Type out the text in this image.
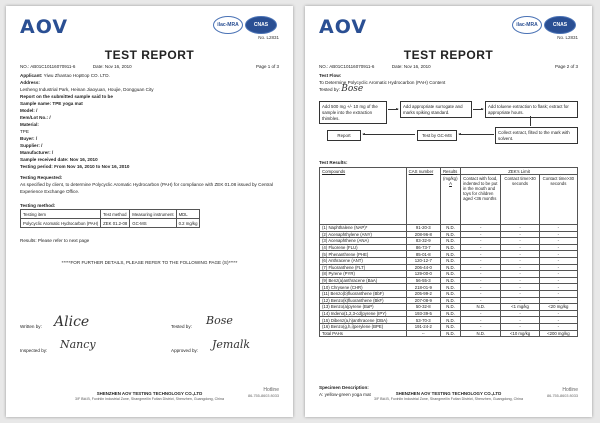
AOV	ilac-MRA	CNAS
No. L2831
TEST REPORT
NO.: AB01C10116070911-6	Date: Nov 16, 2010	Page 1 of 3
Applicant: Yiwu Zhantao HopEop CO. LTD.
Address:
Lesheng Industrial Park, Heinan Jiaoyuan, Houjie, Dongguan City
Report on the submitted sample said to be
Sample name: TPE yoga mat
Model: /
Item/Lot No.: /
Material:
TPE
Buyer: /
Supplier: /
Manufacturer: /
Sample received date: Nov 16, 2010
Testing period: From Nov 16, 2010 to Nov 16, 2010
Testing Requested:
As specified by client, to determine Polycyclic Aromatic Hydrocarbon (PAH) for compliance with ZEK 01.08 issued by Central Experience Exchange Office.
Testing method:
Testing item	Test method	Measuring instrument	MDL
Polycyclic Aromatic Hydrocarbon (PAH)	ZEK 01.2-08	GC-MS	0.2 mg/kg
Results: Please refer to next page
*****FOR FURTHER DETAILS, PLEASE REFER TO THE FOLLOWING PAGE (S)*****
Written by: Alice	Tested by: Bose
Inspected by: Nancy	Approved by: Jemalk
SHENZHEN AOV TESTING TECHNOLOGY CO.,LTD
3/F Bld.B, Fuxinlin Industrial Zone, Shangmeilin Futian District, Shenzhen, Guangdong, China
Hotline
86-755-8603 8033
AOV	ilac-MRA	CNAS
No. L2831
TEST REPORT
NO.: AB01C10116070911-6	Date: Nov 16, 2010	Page 2 of 3
Test Flow:
To Determine Polycyclic Aromatic Hydrocarbon (PAH) Content
Tested by: Bose
Add 500 mg +/- 10 mg of the sample into the extraction thimbles.
Add appropriate surrogate and marks spiking standard.
Add toluene extraction to flask; extract for appropriate hours.
Collect extract, filted to the mark with solvent.
Test by GC-MS
Report
Test Results:
Compounds	CAS number	Results	ZEK's Limit		

		(mg/kg)
A	Contact with food, indented to be put in the mouth and toys for children aged <36 months	Contact time>30 seconds	Contact time>30 seconds
(1) Naphthalene (NAP)*	91-20-3	N.D.	-	-	-
(2) Acenaphthylene (ANY)	208-96-8	N.D.	-	-	-
(3) Acenaphthene (ANA)	83-32-9	N.D.	-	-	-
(4) Fluorene (FLU)	86-73-7	N.D.	-	-	-
(5) Phenanthrene (PHE)	85-01-8	N.D.	-	-	-
(6) Anthracene (ANT)	120-12-7	N.D.	-	-	-
(7) Fluoranthene (FLT)	206-44-0	N.D.	-	-	-
(8) Pyrene (PYR)	129-00-0	N.D.	-	-	-
(9) Benz(a)anthracene (BaA)	56-55-3	N.D.	-	-	-
(10) Chrysene (CHR)	218-01-9	N.D.	-	-	-
(11) Benzo(b)fluoranthene (BbF)	205-99-2	N.D.	-	-	-
(12) Benzo(k)fluoranthene (BkF)	207-08-9	N.D.	-	-	-
(13) Benzo(a)pyrene (BaP)	50-32-8	N.D.	N.D.	<1 mg/kg	<20 mg/kg
(14) Indeno(1,2,3-cd)pyrene (IPY)	193-39-5	N.D.	-	-	-
(15) Dibenz(a,h)anthracene (DBA)	53-70-3	N.D.	-	-	-
(16) Benzo(g,h,i)perylene (BPE)	191-24-2	N.D.	-	-	-
Total PAHs	--	N.D.	N.D.	<10 mg/kg	<200 mg/kg
Specimen Description:
A: yellow-green yoga mat	SHENZHEN AOV TESTING TECHNOLOGY CO.,LTD
3/F Bld.B, Fuxinlin Industrial Zone, Shangmeilin Futian District, Shenzhen, Guangdong, China
Hotline
86-755-8603 8033
